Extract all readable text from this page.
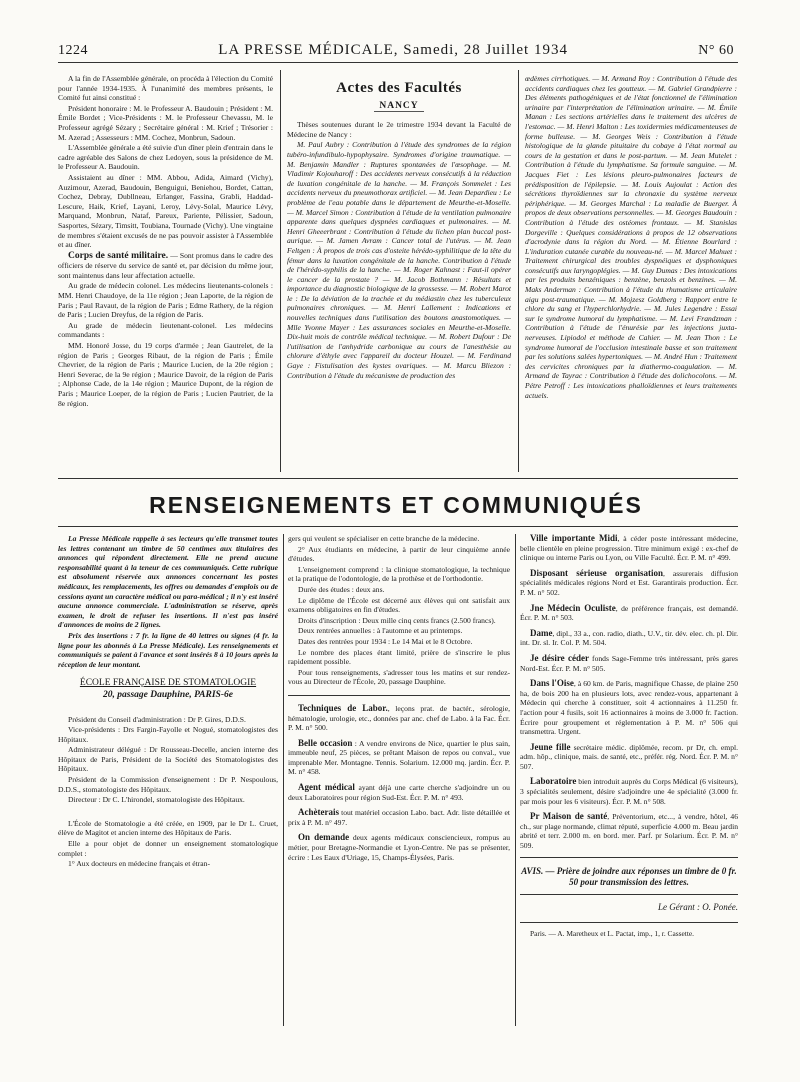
1224	LA PRESSE MÉDICALE, Samedi, 28 Juillet 1934	N° 60

A la fin de l'Assemblée générale, on procéda à l'élection du Comité pour l'année 1934-1935. À l'unanimité des membres présents, le Comité fut ainsi constitué :

Président honoraire : M. le Professeur A. Baudouin ; Président : M. Émile Bordet ; Vice-Présidents : M. le Professeur Chevassu, M. le Professeur agrégé Sézary ; Secrétaire général : M. Krief ; Trésorier : M. Azerad ; Assesseurs : MM. Cochez, Monbrun, Sadoun.

L'Assemblée générale a été suivie d'un dîner plein d'entrain dans le cadre agréable des Salons de chez Ledoyen, sous la présidence de M. le Professeur A. Baudouin.

Assistaient au dîner : MM. Abbou, Adida, Aimard (Vichy), Auzimour, Azerad, Baudouin, Benguigui, Beniehou, Bordet, Cattan, Cochez, Debray, Dubllneau, Erlanger, Fassina, Grabli, Haddad-Lescure, Haik, Krief, Layani, Leroy, Lévy-Solal, Maurice Lévy, Marquand, Monbrun, Nataf, Pareux, Pariente, Pélissier, Sadoun, Sasportes, Sézary, Timsitt, Toubiana, Tournade (Vichy). Une vingtaine de membres s'étaient excusés de ne pas pouvoir assister à l'Assemblée et au dîner.

Corps de santé militaire. — Sont promus dans le cadre des officiers de réserve du service de santé et, par décision du même jour, sont maintenus dans leur affectation actuelle.

Au grade de médecin colonel. Les médecins lieutenants-colonels : MM. Henri Chaudoye, de la 11e région ; Jean Laporte, de la région de Paris ; Paul Ravaut, de la région de Paris ; Edme Rathery, de la région de Paris ; Lucien Dreyfus, de la région de Paris.

Au grade de médecin lieutenant-colonel. Les médecins commandants :

MM. Honoré Josse, du 19 corps d'armée ; Jean Gautrelet, de la région de Paris ; Georges Ribaut, de la région de Paris ; Émile Chevrier, de la région de Paris ; Maurice Lucien, de la 20e région ; Henri Severac, de la 9e région ; Maurice Davoir, de la région de Paris ; Alphonse Cade, de la 14e région ; Maurice Dupont, de la région de Paris ; Maurice Loeper, de la région de Paris ; Lucien Pautrier, de la 8e région.

Actes des Facultés
NANCY

Thèses soutenues durant le 2e trimestre 1934 devant la Faculté de Médecine de Nancy :

M. Paul Aubry : Contribution à l'étude des syndromes de la région tubéro-infundibulo-hypophysaire. Syndromes d'origine traumatique. — M. Benjamin Mandler : Ruptures spontanées de l'œsophage. — M. Vladimir Kojouharoff : Des accidents nerveux consécutifs à la réduction de luxation congénitale de la hanche. — M. François Sommelet : Les accidents nerveux du pneumothorax artificiel. — M. Jean Depardieu : Le problème de l'eau potable dans le département de Meurthe-et-Moselle. — M. Marcel Simon : Contribution à l'étude de la ventilation pulmonaire apparente dans quelques dyspnées cardiaques et pulmonaires. — M. Henri Gheeerbrant : Contribution à l'étude du lichen plan buccal post-aurique. — M. Jamen Avram : Cancer total de l'utérus. — M. Jean Feltgen : À propos de trois cas d'osteite hérédo-syphilitique de la tête du fémur dans la luxation congénitale de la hanche. Contribution à l'étude de l'hérédo-syphilis de la hanche. — M. Roger Kahnast : Faut-il opérer le cancer de la prostate ? — M. Jacob Bothmann : Résultats et importance du diagnostic biologique de la grossesse. — M. Robert Marot le : De la déviation de la trachée et du médiastin chez les tuberculeux pulmonaires chroniques. — M. Henri Lallement : Indications et nouvelles techniques dans l'utilisation des boutons anastomotiques. — Mlle Yvonne Mayer : Les assurances sociales en Meurthe-et-Moselle. Dix-huit mois de contrôle médical technique. — M. Robert Dufour : De l'utilisation de l'anhydride carbonique au cours de l'anesthésie au chlorure d'éthyle avec l'appareil du docteur Houzel. — M. Ferdinand Gaye : Fistulisation des kystes ovariques. — M. Marcu Bliezon : Contribution à l'étude du mécanisme de production des

œdèmes cirrhotiques. — M. Armand Roy : Contribution à l'étude des accidents cardiaques chez les goutteux. — M. Gabriel Grandpierre : Des éléments pathogéniques et de l'état fonctionnel de l'élimination urinaire par l'interprétation de l'élimination urinaire. — M. Émile Manan : Les sections artérielles dans le traitement des ulcères de l'estomac. — M. Henri Malton : Les toxidermies médicamenteuses de forme bulleuse. — M. Georges Weis : Contribution à l'étude histologique de la glande pituitaire du cobaye à l'état normal au cours de la gestation et dans le post-partum. — M. Jean Mutelet : Contribution à l'étude du lymphatisme. Sa formule sanguine. — M. Jacques Fiet : Les lésions pleuro-pulmonaires facteurs de prédisposition de l'épilepsie. — M. Louis Aujoulat : Action des sécrétions thyroïdiennes sur la chronaxie du système nerveux périphérique. — M. Georges Marchal : La maladie de Buerger. À propos de deux observations personnelles. — M. Georges Baudouin : Contribution à l'étude des ostéomes frontaux. — M. Stanislas Dorgeville : Quelques considérations à propos de 12 observations d'acrodynie dans la région du Nord. — M. Étienne Bourlard : L'induration cutanée curable du nouveau-né. — M. Marcel Mahuet : Traitement chirurgical des troubles dyspnéiques et dysphoniques consécutifs aux laryngoplégies. — M. Guy Dumas : Des intoxications par les produits benzéniques : benzène, benzols et benzines. — M. Maks Anderman : Contribution à l'étude du rhumatisme articulaire aigu post-traumatique. — M. Mojzesz Goldberg : Rapport entre le chlore du sang et l'hyperchlorhydrie. — M. Jules Legendre : Essai sur le syndrome humoral du lymphatisme. — M. Levi Frandzman : Contribution à l'étude de l'énurésie par les injections juxta-nerveuses. Lipiodol et méthode de Cahier. — M. Jean Thon : Le syndrome humoral de l'occlusion intestinale basse et son traitement par les solutions salées hypertoniques. — M. André Hun : Traitement des cervicites chroniques par la diathermo-coagulation. — M. Armand de Tayrac : Contribution à l'étude des dolichocolons. — M. Pétre Petroff : Les intoxications phalloïdiennes et leurs traitements actuels.

RENSEIGNEMENTS ET COMMUNIQUÉS

La Presse Médicale rappelle à ses lecteurs qu'elle transmet toutes les lettres contenant un timbre de 50 centimes aux titulaires des annonces qui répondent directement. Elle ne prend aucune responsabilité quant à la teneur de ces communiqués. Cette rubrique est absolument réservée aux annonces concernant les postes médicaux, les remplacements, les offres ou demandes d'emplois ou de cessions ayant un caractère médical ou para-médical ; il n'y est inséré aucune annonce commerciale. L'administration se réserve, après examen, le droit de refuser les insertions. Il n'est pas inséré d'annonces de moins de 2 lignes.

Prix des insertions : 7 fr. la ligne de 40 lettres ou signes (4 fr. la ligne pour les abonnés à La Presse Médicale). Les renseignements et communiqués se paient à l'avance et sont insérés 8 à 10 jours après la réception de leur montant.

ÉCOLE FRANÇAISE DE STOMATOLOGIE
20, passage Dauphine, PARIS-6e

Président du Conseil d'administration : Dr P. Gires, D.D.S.

Vice-présidents : Drs Fargin-Fayolle et Nogué, stomatologistes des Hôpitaux.

Administrateur délégué : Dr Rousseau-Decelle, ancien interne des Hôpitaux de Paris, Président de la Société des Stomatologistes des Hôpitaux.

Président de la Commission d'enseignement : Dr P. Nespoulous, D.D.S., stomatologiste des Hôpitaux.

Directeur : Dr C. L'hirondel, stomatologiste des Hôpitaux.

L'École de Stomatologie a été créée, en 1909, par le Dr L. Cruet, élève de Magitot et ancien interne des Hôpitaux de Paris.

Elle a pour objet de donner un enseignement stomatologique complet :

1° Aux docteurs en médecine français et étran-

gers qui veulent se spécialiser en cette branche de la médecine.

2° Aux étudiants en médecine, à partir de leur cinquième année d'études.

L'enseignement comprend : la clinique stomatologique, la technique et la pratique de l'odontologie, de la prothèse et de l'orthodontie.

Durée des études : deux ans.

Le diplôme de l'École est décerné aux élèves qui ont satisfait aux examens obligatoires en fin d'études.

Droits d'inscription : Deux mille cinq cents francs (2.500 francs).

Deux rentrées annuelles : à l'automne et au printemps.

Dates des rentrées pour 1934 : Le 14 Mai et le 8 Octobre.

Le nombre des places étant limité, prière de s'inscrire le plus rapidement possible.

Pour tous renseignements, s'adresser tous les matins et sur rendez-vous au Directeur de l'École, 20, passage Dauphine.

Techniques de Labor., leçons prat. de bactér., sérologie, hématologie, urologie, etc., données par anc. chef de Labo. à la Fac. Écr. P. M. n° 500.

Belle occasion : A vendre environs de Nice, quartier le plus sain, immeuble neuf, 25 pièces, se prêtant Maison de repos ou conval., vue imprenable Mer. Montagne. Tennis. Solarium. 12.000 mq. jardin. Écr. P. M. n° 458.

Agent médical ayant déjà une carte cherche s'adjoindre un ou deux Laboratoires pour région Sud-Est. Écr. P. M. n° 493.

Achèterais tout matériel occasion Labo. bact. Adr. liste détaillée et prix à P. M. n° 497.

On demande deux agents médicaux consciencieux, rompus au métier, pour Bretagne-Normandie et Lyon-Centre. Ne pas se présenter, écrire : Les Eaux d'Uriage, 15, Champs-Élysées, Paris.

Ville importante Midi, à céder poste intéressant médecine, belle clientèle en pleine progression. Titre minimum exigé : ex-chef de clinique ou interne Paris ou Lyon, ou Ville Faculté. Écr. P. M. n° 499.

Disposant sérieuse organisation, assurerais diffusion spécialités médicales régions Nord et Est. Garantirais production. Écr. P. M. n° 502.

Jne Médecin Oculiste, de préférence français, est demandé. Écr. P. M. n° 503.

Dame, dipl., 33 a., con. radio, diath., U.V., tir. dév. elec. ch. pl. Dir. int. Dr. sl. Ir. Col. P. M. 504.

Je désire céder fonds Sage-Femme très intéressant, près gares Nord-Est. Écr. P. M. n° 505.

Dans l'Oise, à 60 km. de Paris, magnifique Chasse, de plaine 250 ha, de bois 200 ha en plusieurs lots, avec rendez-vous, appartenant à Médecin qui cherche à constituer, soit 4 actionnaires à 11.250 fr. l'action pour 4 fusils, soit 16 actionnaires à moins de 3.000 fr. l'action. Écrire pour groupement et réglementation à P. M. n° 506 qui transmettra. Urgent.

Jeune fille secrétaire médic. diplômée, recom. pr Dr, ch. empl. adm. hôp., clinique, mais. de santé, etc., préfér. rég. Nord. Écr. P. M. n° 507.

Laboratoire bien introduit auprès du Corps Médical (6 visiteurs), 3 spécialités seulement, désire s'adjoindre une 4e spécialité (3.000 fr. par mois pour les 6 visiteurs). Écr. P. M. n° 508.

Pr Maison de santé, Préventorium, etc..., à vendre, hôtel, 46 ch., sur plage normande, climat réputé, superficie 4.000 m. Beau jardin abrité et terr. 2.000 m. en bord. mer. Parf. pr Solarium. Écr. P. M. n° 509.

AVIS. — Prière de joindre aux réponses un timbre de 0 fr. 50 pour transmission des lettres.
Le Gérant : O. Ponée.

Paris. — A. Maretheux et L. Pactat, imp., 1, r. Cassette.
